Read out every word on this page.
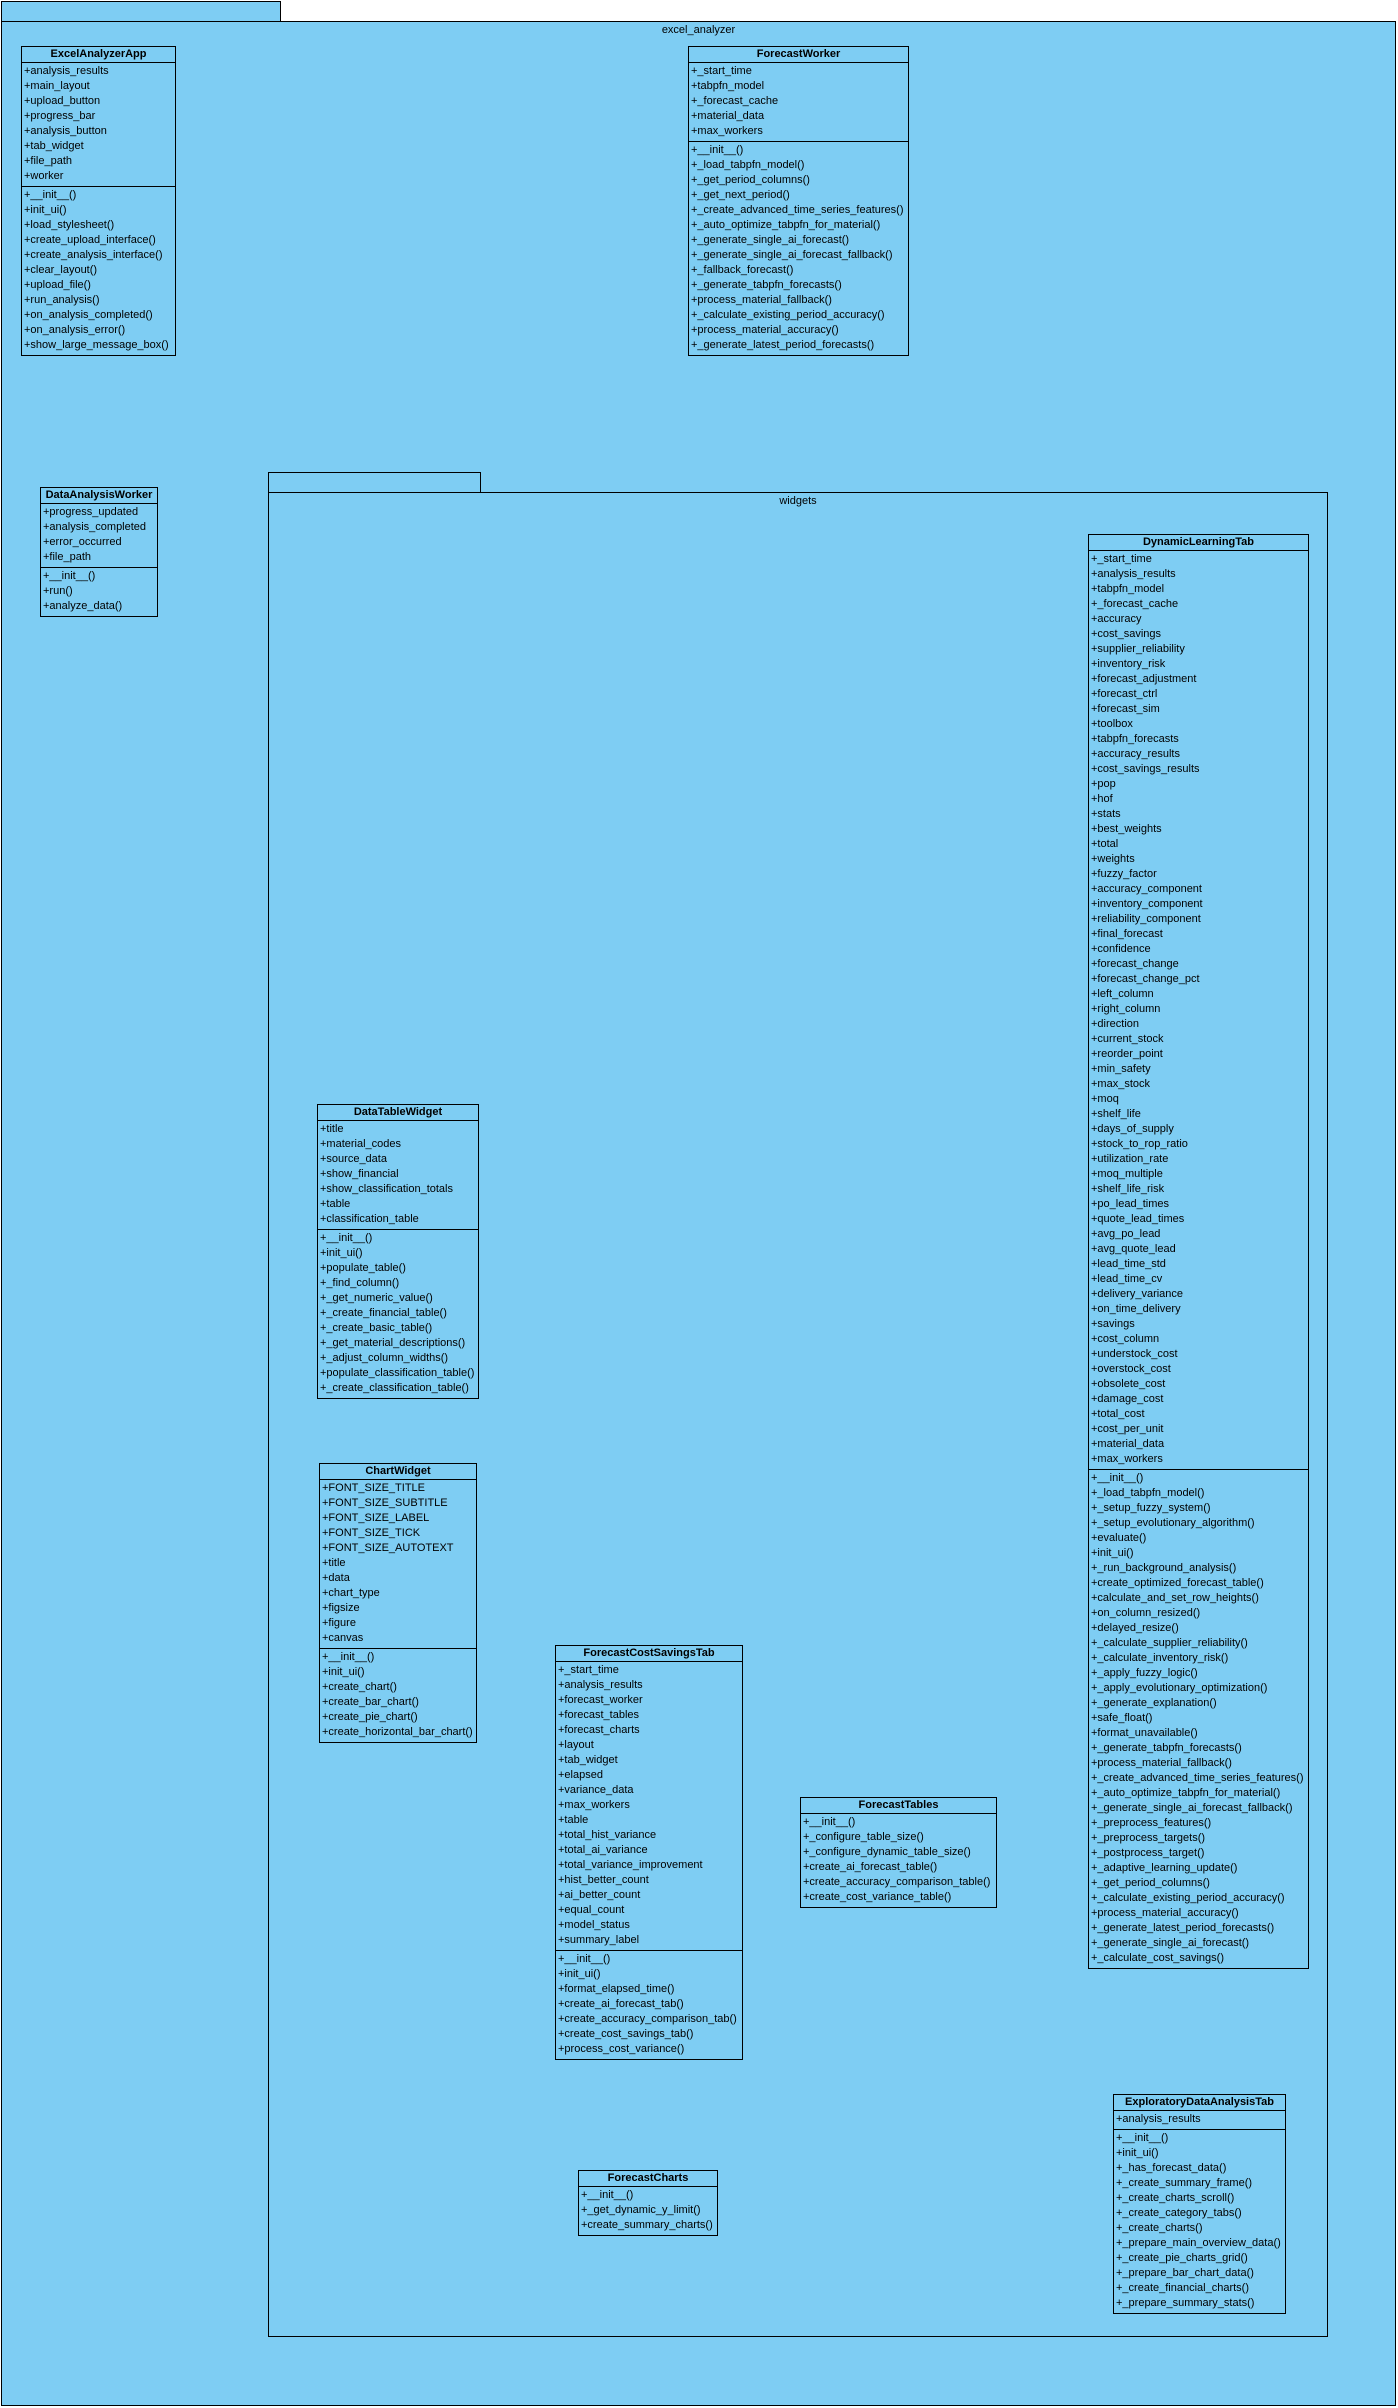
excel_analyzer
widgets
ExcelAnalyzerApp
+analysis_results
+main_layout
+upload_button
+progress_bar
+analysis_button
+tab_widget
+file_path
+worker
+__init__()
+init_ui()
+load_stylesheet()
+create_upload_interface()
+create_analysis_interface()
+clear_layout()
+upload_file()
+run_analysis()
+on_analysis_completed()
+on_analysis_error()
+show_large_message_box()
ForecastWorker
+_start_time
+tabpfn_model
+_forecast_cache
+material_data
+max_workers
+__init__()
+_load_tabpfn_model()
+_get_period_columns()
+_get_next_period()
+_create_advanced_time_series_features()
+_auto_optimize_tabpfn_for_material()
+_generate_single_ai_forecast()
+_generate_single_ai_forecast_fallback()
+_fallback_forecast()
+_generate_tabpfn_forecasts()
+process_material_fallback()
+_calculate_existing_period_accuracy()
+process_material_accuracy()
+_generate_latest_period_forecasts()
DataAnalysisWorker
+progress_updated
+analysis_completed
+error_occurred
+file_path
+__init__()
+run()
+analyze_data()
DynamicLearningTab
+_start_time
+analysis_results
+tabpfn_model
+_forecast_cache
+accuracy
+cost_savings
+supplier_reliability
+inventory_risk
+forecast_adjustment
+forecast_ctrl
+forecast_sim
+toolbox
+tabpfn_forecasts
+accuracy_results
+cost_savings_results
+pop
+hof
+stats
+best_weights
+total
+weights
+fuzzy_factor
+accuracy_component
+inventory_component
+reliability_component
+final_forecast
+confidence
+forecast_change
+forecast_change_pct
+left_column
+right_column
+direction
+current_stock
+reorder_point
+min_safety
+max_stock
+moq
+shelf_life
+days_of_supply
+stock_to_rop_ratio
+utilization_rate
+moq_multiple
+shelf_life_risk
+po_lead_times
+quote_lead_times
+avg_po_lead
+avg_quote_lead
+lead_time_std
+lead_time_cv
+delivery_variance
+on_time_delivery
+savings
+cost_column
+understock_cost
+overstock_cost
+obsolete_cost
+damage_cost
+total_cost
+cost_per_unit
+material_data
+max_workers
+__init__()
+_load_tabpfn_model()
+_setup_fuzzy_system()
+_setup_evolutionary_algorithm()
+evaluate()
+init_ui()
+_run_background_analysis()
+create_optimized_forecast_table()
+calculate_and_set_row_heights()
+on_column_resized()
+delayed_resize()
+_calculate_supplier_reliability()
+_calculate_inventory_risk()
+_apply_fuzzy_logic()
+_apply_evolutionary_optimization()
+_generate_explanation()
+safe_float()
+format_unavailable()
+_generate_tabpfn_forecasts()
+process_material_fallback()
+_create_advanced_time_series_features()
+_auto_optimize_tabpfn_for_material()
+_generate_single_ai_forecast_fallback()
+_preprocess_features()
+_preprocess_targets()
+_postprocess_target()
+_adaptive_learning_update()
+_get_period_columns()
+_calculate_existing_period_accuracy()
+process_material_accuracy()
+_generate_latest_period_forecasts()
+_generate_single_ai_forecast()
+_calculate_cost_savings()
DataTableWidget
+title
+material_codes
+source_data
+show_financial
+show_classification_totals
+table
+classification_table
+__init__()
+init_ui()
+populate_table()
+_find_column()
+_get_numeric_value()
+_create_financial_table()
+_create_basic_table()
+_get_material_descriptions()
+_adjust_column_widths()
+populate_classification_table()
+_create_classification_table()
ChartWidget
+FONT_SIZE_TITLE
+FONT_SIZE_SUBTITLE
+FONT_SIZE_LABEL
+FONT_SIZE_TICK
+FONT_SIZE_AUTOTEXT
+title
+data
+chart_type
+figsize
+figure
+canvas
+__init__()
+init_ui()
+create_chart()
+create_bar_chart()
+create_pie_chart()
+create_horizontal_bar_chart()
ForecastCostSavingsTab
+_start_time
+analysis_results
+forecast_worker
+forecast_tables
+forecast_charts
+layout
+tab_widget
+elapsed
+variance_data
+max_workers
+table
+total_hist_variance
+total_ai_variance
+total_variance_improvement
+hist_better_count
+ai_better_count
+equal_count
+model_status
+summary_label
+__init__()
+init_ui()
+format_elapsed_time()
+create_ai_forecast_tab()
+create_accuracy_comparison_tab()
+create_cost_savings_tab()
+process_cost_variance()
ForecastTables
+__init__()
+_configure_table_size()
+_configure_dynamic_table_size()
+create_ai_forecast_table()
+create_accuracy_comparison_table()
+create_cost_variance_table()
ForecastCharts
+__init__()
+_get_dynamic_y_limit()
+create_summary_charts()
ExploratoryDataAnalysisTab
+analysis_results
+__init__()
+init_ui()
+_has_forecast_data()
+_create_summary_frame()
+_create_charts_scroll()
+_create_category_tabs()
+_create_charts()
+_prepare_main_overview_data()
+_create_pie_charts_grid()
+_prepare_bar_chart_data()
+_create_financial_charts()
+_prepare_summary_stats()
